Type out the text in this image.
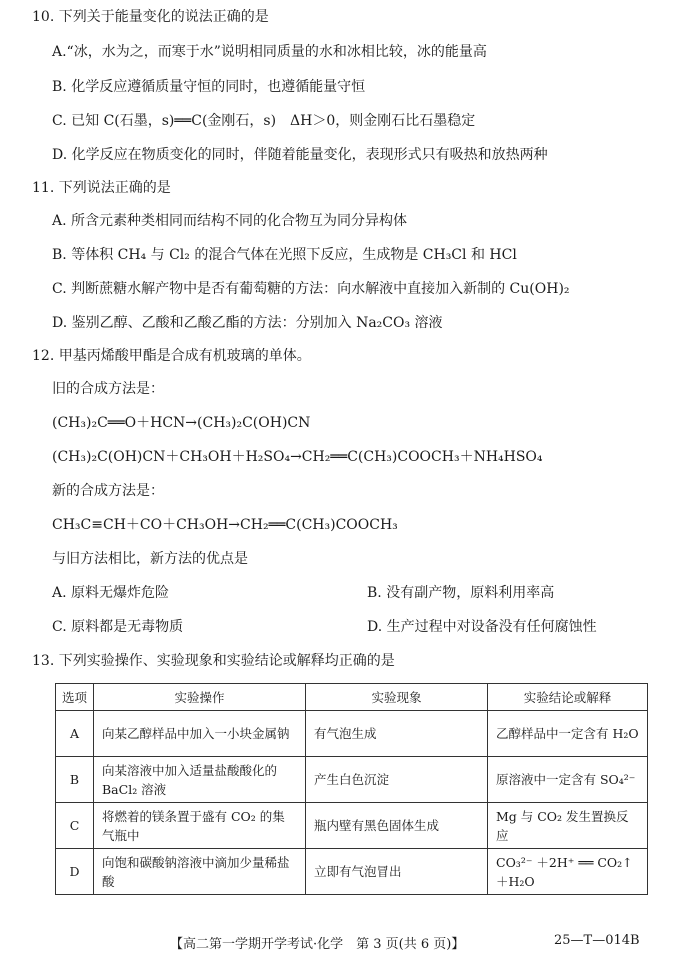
10. 下列关于能量变化的说法正确的是
A.“冰，水为之，而寒于水”说明相同质量的水和冰相比较，冰的能量高
B. 化学反应遵循质量守恒的同时，也遵循能量守恒
C. 已知 C(石墨，s)══C(金刚石，s)　ΔH＞0，则金刚石比石墨稳定
D. 化学反应在物质变化的同时，伴随着能量变化，表现形式只有吸热和放热两种
11. 下列说法正确的是
A. 所含元素种类相同而结构不同的化合物互为同分异构体
B. 等体积 CH₄ 与 Cl₂ 的混合气体在光照下反应，生成物是 CH₃Cl 和 HCl
C. 判断蔗糖水解产物中是否有葡萄糖的方法：向水解液中直接加入新制的 Cu(OH)₂
D. 鉴别乙醇、乙酸和乙酸乙酯的方法：分别加入 Na₂CO₃ 溶液
12. 甲基丙烯酸甲酯是合成有机玻璃的单体。
旧的合成方法是：
(CH₃)₂C══O＋HCN→(CH₃)₂C(OH)CN
(CH₃)₂C(OH)CN＋CH₃OH＋H₂SO₄→CH₂══C(CH₃)COOCH₃＋NH₄HSO₄
新的合成方法是：
CH₃C≡CH＋CO＋CH₃OH→CH₂══C(CH₃)COOCH₃
与旧方法相比，新方法的优点是
A. 原料无爆炸危险	B. 没有副产物，原料利用率高
C. 原料都是无毒物质	D. 生产过程中对设备没有任何腐蚀性
13. 下列实验操作、实验现象和实验结论或解释均正确的是
选项	实验操作	实验现象	实验结论或解释
A	向某乙醇样品中加入一小块金属钠	有气泡生成	乙醇样品中一定含有 H₂O
B	向某溶液中加入适量盐酸酸化的 BaCl₂ 溶液	产生白色沉淀	原溶液中一定含有 SO₄²⁻
C	将燃着的镁条置于盛有 CO₂ 的集气瓶中	瓶内壁有黑色固体生成	Mg 与 CO₂ 发生置换反应
D	向饱和碳酸钠溶液中滴加少量稀盐酸	立即有气泡冒出	CO₃²⁻ ＋2H⁺ ══ CO₂↑ ＋H₂O
【高二第一学期开学考试·化学　第 3 页(共 6 页)】	25—T—014B
